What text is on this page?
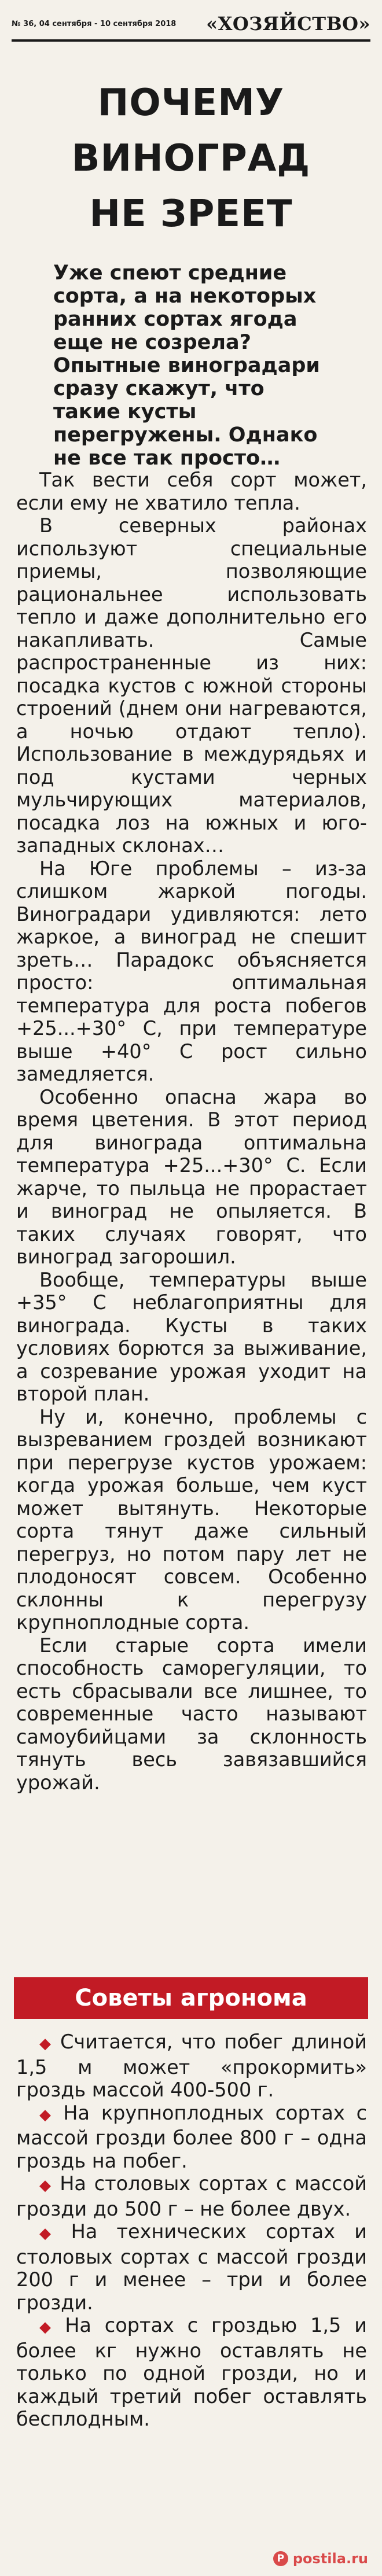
№ 36, 04 сентября - 10 сентября 2018 «ХОЗЯЙСТВО»
ПОЧЕМУ
ВИНОГРАД
НЕ ЗРЕЕТ
Уже спеют средние сорта, а на некоторых ранних сортах ягода еще не созрела? Опытные виноградари сразу скажут, что такие кусты перегружены. Однако не все так просто…

Так вести себя сорт может, если ему не хватило тепла.

В северных районах используют специальные приемы, позволяющие рациональнее использовать тепло и даже дополнительно его накапливать. Самые распространенные из них: посадка кустов с южной стороны строений (днем они нагреваются, а ночью отдают тепло). Использование в междурядьях и под кустами черных мульчирующих материалов, посадка лоз на южных и юго-западных склонах…

На Юге проблемы – из-за слишком жаркой погоды. Виноградари удивляются: лето жаркое, а виноград не спешит зреть… Парадокс объясняется просто: оптимальная температура для роста побегов +25...+30° С, при температуре выше +40° С рост сильно замедляется.

Особенно опасна жара во время цветения. В этот период для винограда оптимальна температура +25...+30° С. Если жарче, то пыльца не прорастает и виноград не опыляется. В таких случаях говорят, что виноград загорошил.

Вообще, температуры выше +35° С неблагоприятны для винограда. Кусты в таких условиях борются за выживание, а созревание урожая уходит на второй план.

Ну и, конечно, проблемы с вызреванием гроздей возникают при перегрузе кустов урожаем: когда урожая больше, чем куст может вытянуть. Некоторые сорта тянут даже сильный перегруз, но потом пару лет не плодоносят совсем. Особенно склонны к перегрузу крупноплодные сорта.

Если старые сорта имели способность саморегуляции, то есть сбрасывали все лишнее, то современные часто называют самоубийцами за склонность тянуть весь завязавшийся урожай.

Советы агронома

◆ Считается, что побег длиной 1,5 м может «прокормить» гроздь массой 400-500 г.

◆ На крупноплодных сортах с массой грозди более 800 г – одна гроздь на побег.

◆ На столовых сортах с массой грозди до 500 г – не более двух.

◆ На технических сортах и столовых сортах с массой грозди 200 г и менее – три и более грозди.

◆ На сортах с гроздью 1,5 и более кг нужно оставлять не только по одной грозди, но и каждый третий побег оставлять бесплодным.

P postila.ru
